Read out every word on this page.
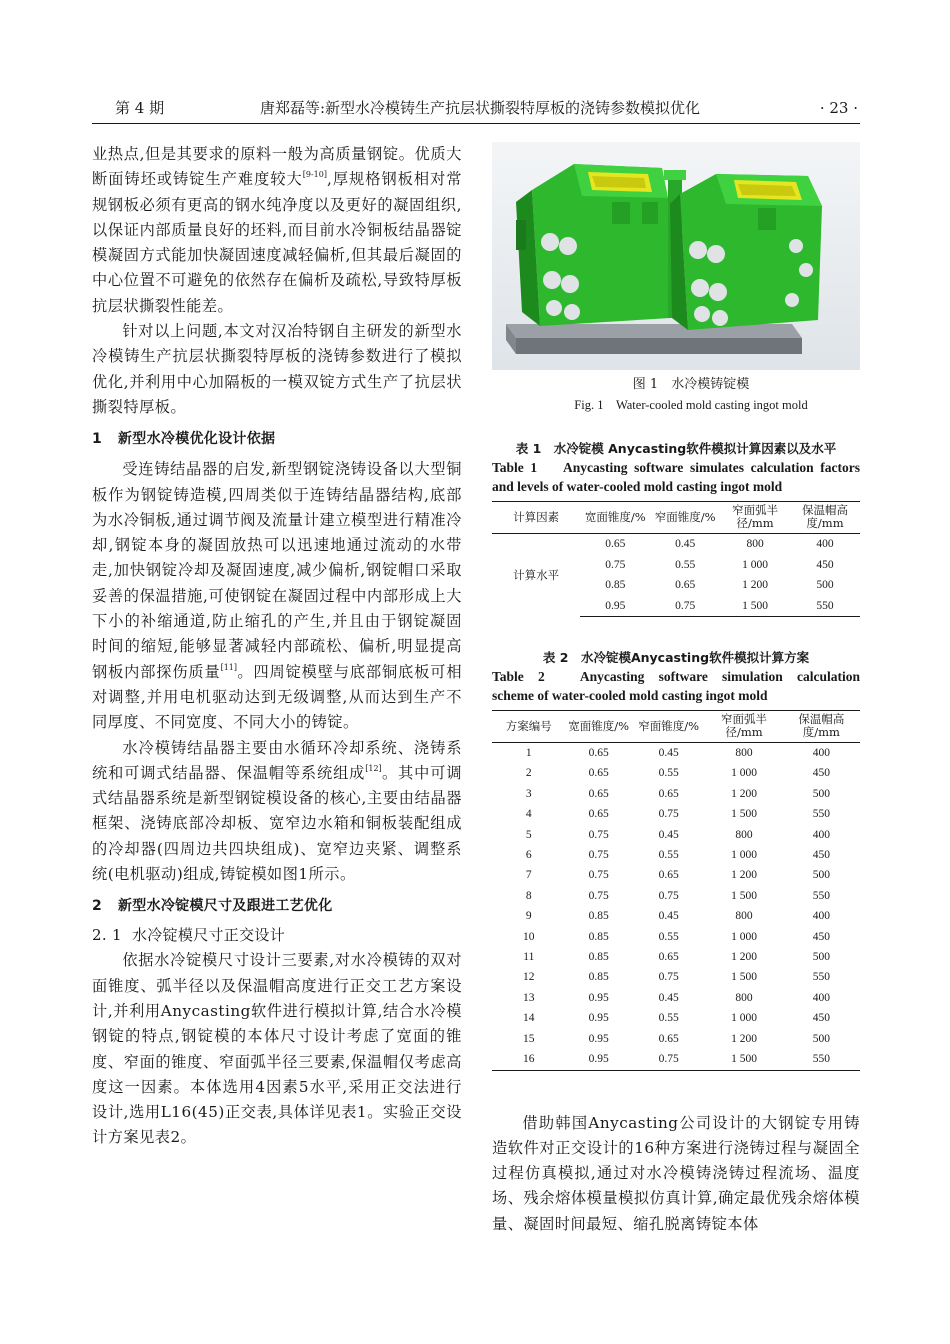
第 4 期	唐郑磊等:新型水冷模铸生产抗层状撕裂特厚板的浇铸参数模拟优化	· 23 ·

业热点,但是其要求的原料一般为高质量钢锭。优质大断面铸坯或铸锭生产难度较大[9-10],厚规格钢板相对常规钢板必须有更高的钢水纯净度以及更好的凝固组织,以保证内部质量良好的坯料,而目前水冷铜板结晶器锭模凝固方式能加快凝固速度减轻偏析,但其最后凝固的中心位置不可避免的依然存在偏析及疏松,导致特厚板抗层状撕裂性能差。

针对以上问题,本文对汉冶特钢自主研发的新型水冷模铸生产抗层状撕裂特厚板的浇铸参数进行了模拟优化,并利用中心加隔板的一模双锭方式生产了抗层状撕裂特厚板。

1 新型水冷模优化设计依据

受连铸结晶器的启发,新型钢锭浇铸设备以大型铜板作为钢锭铸造模,四周类似于连铸结晶器结构,底部为水冷铜板,通过调节阀及流量计建立模型进行精准冷却,钢锭本身的凝固放热可以迅速地通过流动的水带走,加快钢锭冷却及凝固速度,减少偏析,钢锭帽口采取妥善的保温措施,可使钢锭在凝固过程中内部形成上大下小的补缩通道,防止缩孔的产生,并且由于钢锭凝固时间的缩短,能够显著减轻内部疏松、偏析,明显提高钢板内部探伤质量[11]。四周锭模壁与底部铜底板可相对调整,并用电机驱动达到无级调整,从而达到生产不同厚度、不同宽度、不同大小的铸锭。

水冷模铸结晶器主要由水循环冷却系统、浇铸系统和可调式结晶器、保温帽等系统组成[12]。其中可调式结晶器系统是新型钢锭模设备的核心,主要由结晶器框架、浇铸底部冷却板、宽窄边水箱和铜板装配组成的冷却器(四周边共四块组成)、宽窄边夹紧、调整系统(电机驱动)组成,铸锭模如图1所示。

2 新型水冷锭模尺寸及跟进工艺优化
2. 1 水冷锭模尺寸正交设计

依据水冷锭模尺寸设计三要素,对水冷模铸的双对面锥度、弧半径以及保温帽高度进行正交工艺方案设计,并利用Anycasting软件进行模拟计算,结合水冷模钢锭的特点,钢锭模的本体尺寸设计考虑了宽面的锥度、窄面的锥度、窄面弧半径三要素,保温帽仅考虑高度这一因素。本体选用4因素5水平,采用正交法进行设计,选用L16(45)正交表,具体详见表1。实验正交设计方案见表2。

图 1　水冷模铸锭模

Fig. 1　Water-cooled mold casting ingot mold

表 1　水冷锭模 Anycasting软件模拟计算因素以及水平

Table 1　 Anycasting software simulates calculation factors

and levels of water-cooled mold casting ingot mold

计算因素	宽面锥度/%	窄面锥度/%	窄面弧半径/mm	保温帽高度/mm
计算水平	0.65	0.45	800	400
	0.75	0.55	1 000	450
	0.85	0.65	1 200	500
	0.95	0.75	1 500	550

表 2　水冷锭模Anycasting软件模拟计算方案

Table 2　Anycasting software simulation calculation

scheme of water-cooled mold casting ingot mold

方案编号	宽面锥度/%	窄面锥度/%	窄面弧半径/mm	保温帽高度/mm
1	0.65	0.45	800	400
2	0.65	0.55	1 000	450
3	0.65	0.65	1 200	500
4	0.65	0.75	1 500	550
5	0.75	0.45	800	400
6	0.75	0.55	1 000	450
7	0.75	0.65	1 200	500
8	0.75	0.75	1 500	550
9	0.85	0.45	800	400
10	0.85	0.55	1 000	450
11	0.85	0.65	1 200	500
12	0.85	0.75	1 500	550
13	0.95	0.45	800	400
14	0.95	0.55	1 000	450
15	0.95	0.65	1 200	500
16	0.95	0.75	1 500	550

借助韩国Anycasting公司设计的大钢锭专用铸造软件对正交设计的16种方案进行浇铸过程与凝固全过程仿真模拟,通过对水冷模铸浇铸过程流场、温度场、残余熔体模量模拟仿真计算,确定最优残余熔体模量、凝固时间最短、缩孔脱离铸锭本体
